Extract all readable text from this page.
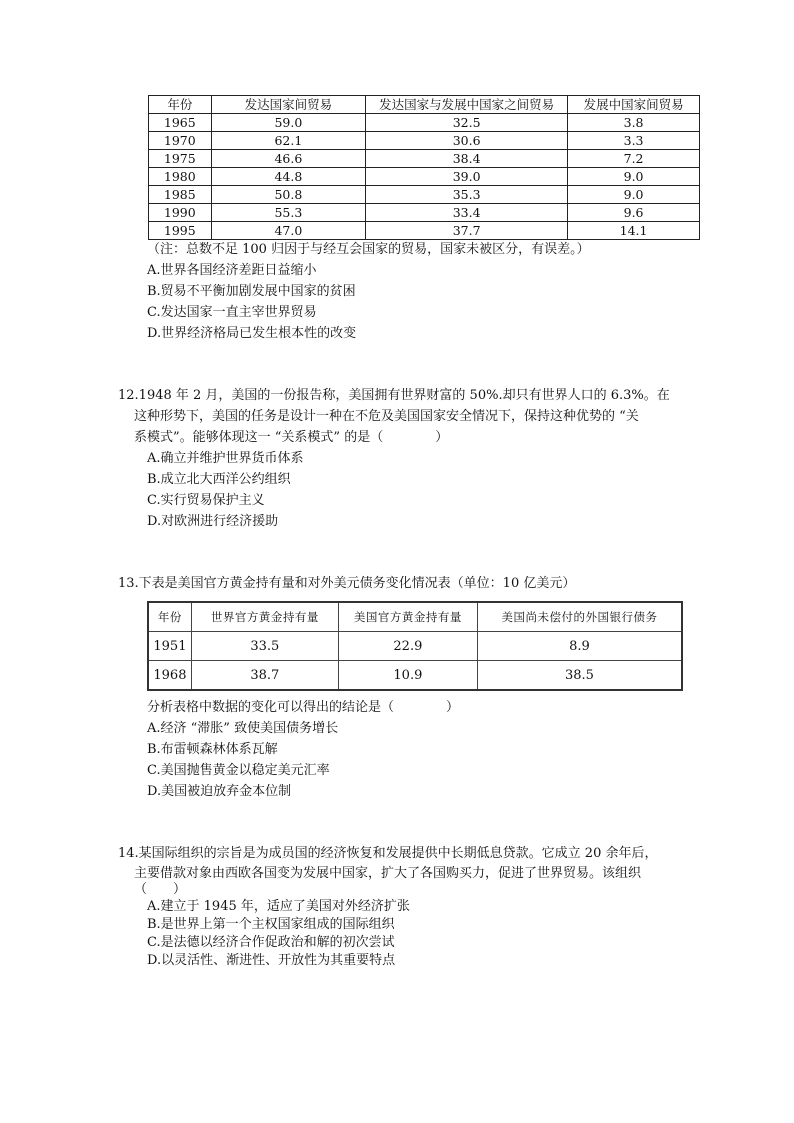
年份	发达国家间贸易	发达国家与发展中国家之间贸易	发展中国家间贸易
1965	59.0	32.5	3.8
1970	62.1	30.6	3.3
1975	46.6	38.4	7.2
1980	44.8	39.0	9.0
1985	50.8	35.3	9.0
1990	55.3	33.4	9.6
1995	47.0	37.7	14.1
（注：总数不足 100 归因于与经互会国家的贸易，国家未被区分，有误差。）
A.世界各国经济差距日益缩小
B.贸易不平衡加剧发展中国家的贫困
C.发达国家一直主宰世界贸易
D.世界经济格局已发生根本性的改变
12.1948 年 2 月，美国的一份报告称，美国拥有世界财富的 50%.却只有世界人口的 6.3%。在
这种形势下，美国的任务是设计一种在不危及美国国家安全情况下，保持这种优势的 “关
系模式”。能够体现这一 “关系模式” 的是（　　　　）
A.确立并维护世界货币体系
B.成立北大西洋公约组织
C.实行贸易保护主义
D.对欧洲进行经济援助
13.下表是美国官方黄金持有量和对外美元债务变化情况表（单位：10 亿美元）
年份	世界官方黄金持有量	美国官方黄金持有量	美国尚未偿付的外国银行债务
1951	33.5	22.9	8.9
1968	38.7	10.9	38.5
分析表格中数据的变化可以得出的结论是（　　　　）
A.经济 “滞胀” 致使美国债务增长
B.布雷顿森林体系瓦解
C.美国抛售黄金以稳定美元汇率
D.美国被迫放弃金本位制
14.某国际组织的宗旨是为成员国的经济恢复和发展提供中长期低息贷款。它成立 20 余年后，
主要借款对象由西欧各国变为发展中国家，扩大了各国购买力，促进了世界贸易。该组织
（　　）
A.建立于 1945 年，适应了美国对外经济扩张
B.是世界上第一个主权国家组成的国际组织
C.是法德以经济合作促政治和解的初次尝试
D.以灵活性、渐进性、开放性为其重要特点
